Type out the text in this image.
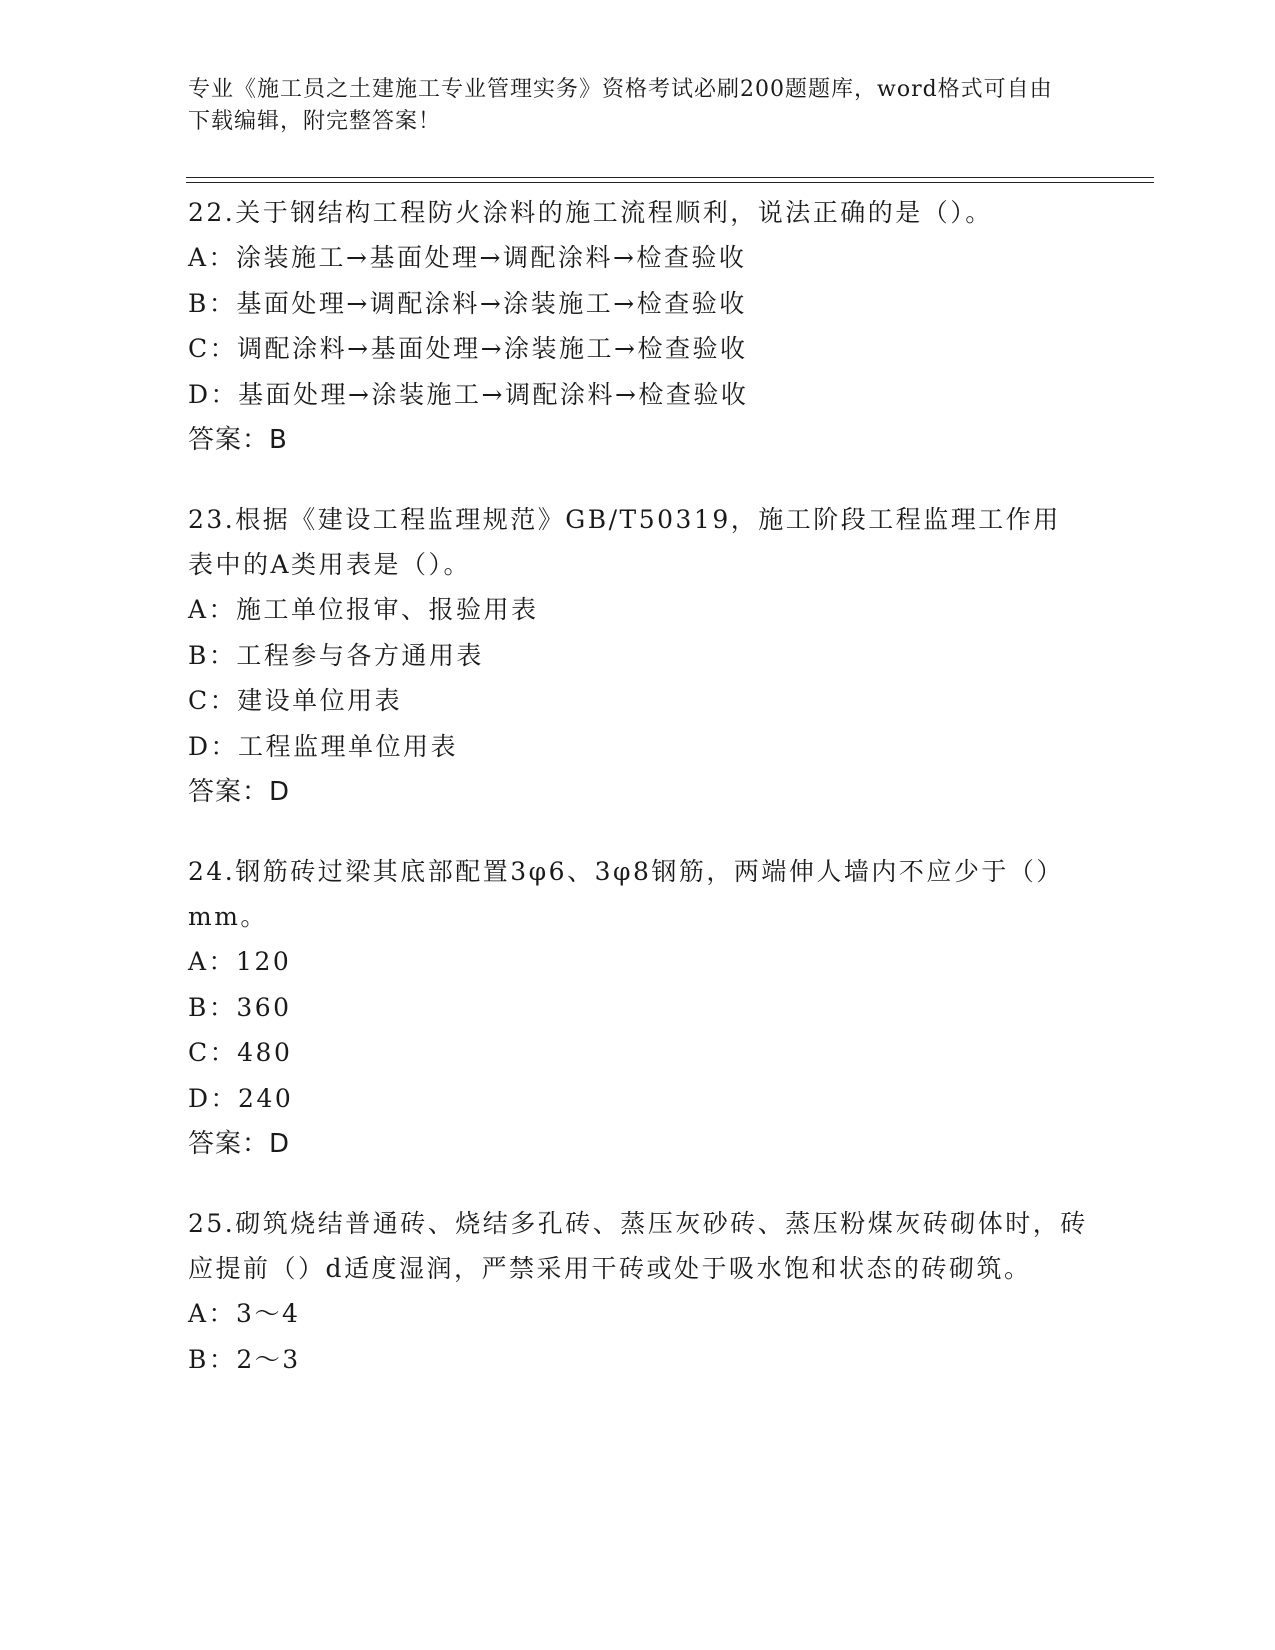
专业《施工员之土建施工专业管理实务》资格考试必刷200题题库，word格式可自由下载编辑，附完整答案！
22.关于钢结构工程防火涂料的施工流程顺利，说法正确的是（）。
A：涂装施工→基面处理→调配涂料→检查验收
B：基面处理→调配涂料→涂装施工→检查验收
C：调配涂料→基面处理→涂装施工→检查验收
D：基面处理→涂装施工→调配涂料→检查验收
答案：B
23.根据《建设工程监理规范》GB/T50319，施工阶段工程监理工作用表中的A类用表是（）。
A：施工单位报审、报验用表
B：工程参与各方通用表
C：建设单位用表
D：工程监理单位用表
答案：D
24.钢筋砖过梁其底部配置3φ6、3φ8钢筋，两端伸人墙内不应少于（）mm。
A：120
B：360
C：480
D：240
答案：D
25.砌筑烧结普通砖、烧结多孔砖、蒸压灰砂砖、蒸压粉煤灰砖砌体时，砖应提前（）d适度湿润，严禁采用干砖或处于吸水饱和状态的砖砌筑。
A：3～4
B：2～3
